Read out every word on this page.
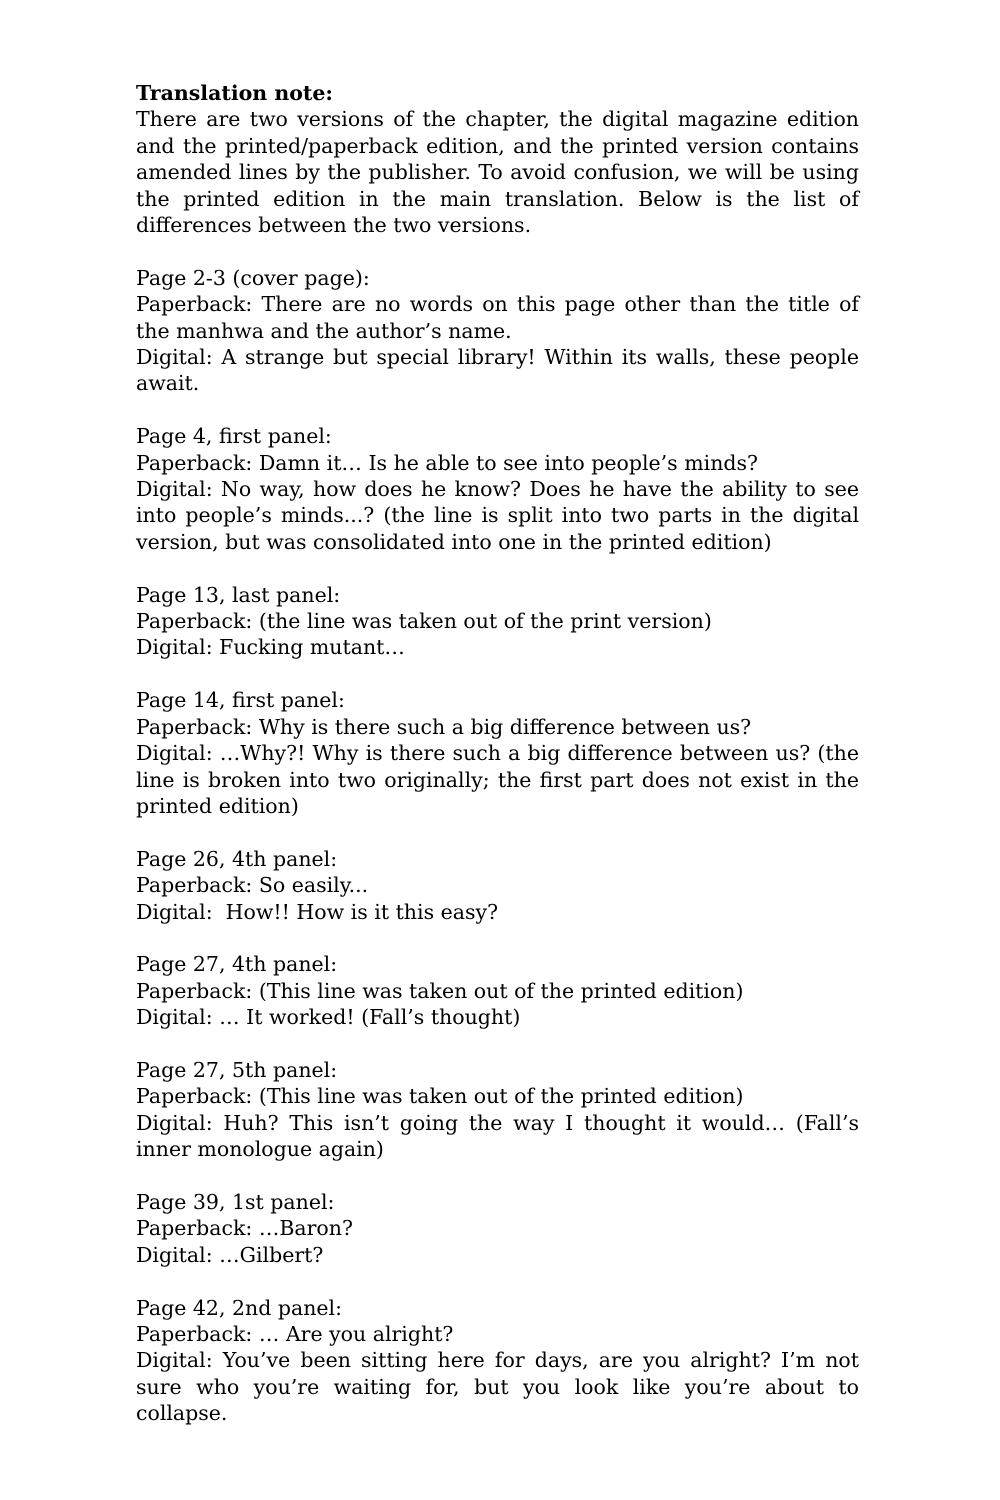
Translation note:

There are two versions of the chapter, the digital magazine edition and the printed/paperback edition, and the printed version contains amended lines by the publisher. To avoid confusion, we will be using the printed edition in the main translation. Below is the list of differences between the two versions.

Page 2-3 (cover page):

Paperback: There are no words on this page other than the title of the manhwa and the author’s name.

Digital: A strange but special library! Within its walls, these people await.

Page 4, first panel:

Paperback: Damn it… Is he able to see into people’s minds?

Digital: No way, how does he know? Does he have the ability to see into people’s minds...? (the line is split into two parts in the digital version, but was consolidated into one in the printed edition)

Page 13, last panel:

Paperback: (the line was taken out of the print version)

Digital: Fucking mutant…

Page 14, first panel:

Paperback: Why is there such a big difference between us?

Digital: …Why?! Why is there such a big difference between us? (the line is broken into two originally; the first part does not exist in the printed edition)

Page 26, 4th panel:

Paperback: So easily...

Digital:  How!! How is it this easy?

Page 27, 4th panel:

Paperback: (This line was taken out of the printed edition)

Digital: … It worked! (Fall’s thought)

Page 27, 5th panel:

Paperback: (This line was taken out of the printed edition)

Digital: Huh? This isn’t going the way I thought it would… (Fall’s inner monologue again)

Page 39, 1st panel:

Paperback: …Baron?

Digital: …Gilbert?

Page 42, 2nd panel:

Paperback: … Are you alright?

Digital: You’ve been sitting here for days, are you alright? I’m not sure who you’re waiting for, but you look like you’re about to collapse.
